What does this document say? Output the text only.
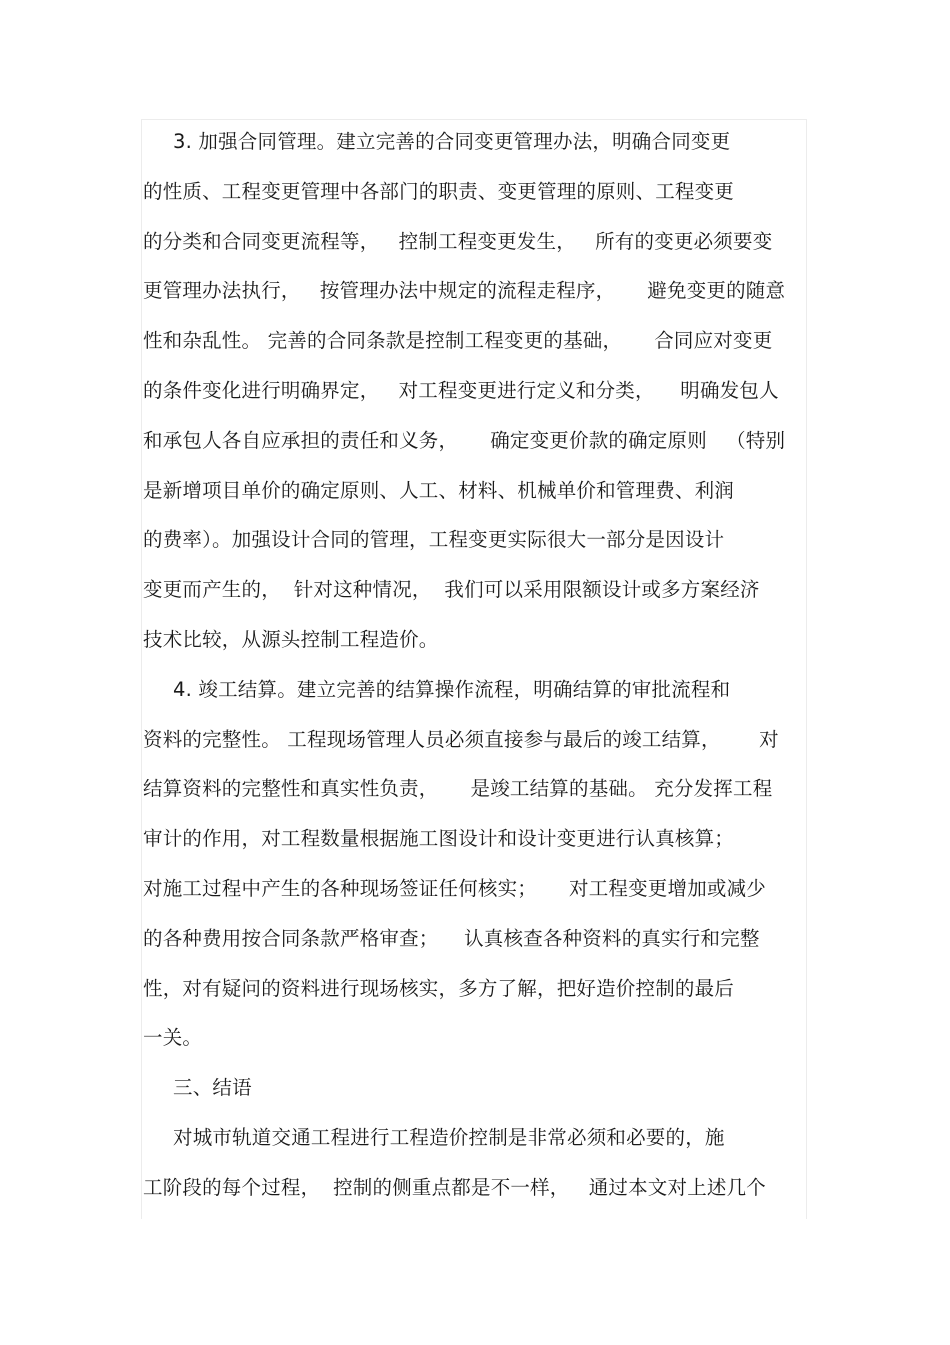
3. 加强合同管理。建立完善的合同变更管理办法，明确合同变更
的性质、工程变更管理中各部门的职责、变更管理的原则、工程变更
的分类和合同变更流程等，   控制工程变更发生，   所有的变更必须要变
更管理办法执行，   按管理办法中规定的流程走程序，     避免变更的随意
性和杂乱性。 完善的合同条款是控制工程变更的基础，     合同应对变更
的条件变化进行明确界定，   对工程变更进行定义和分类，    明确发包人
和承包人各自应承担的责任和义务，     确定变更价款的确定原则   （特别
是新增项目单价的确定原则、人工、材料、机械单价和管理费、利润
的费率）。加强设计合同的管理，工程变更实际很大一部分是因设计
变更而产生的，  针对这种情况，  我们可以采用限额设计或多方案经济
技术比较，从源头控制工程造价。
4. 竣工结算。建立完善的结算操作流程，明确结算的审批流程和
资料的完整性。 工程现场管理人员必须直接参与最后的竣工结算，      对
结算资料的完整性和真实性负责，     是竣工结算的基础。 充分发挥工程
审计的作用，对工程数量根据施工图设计和设计变更进行认真核算；
对施工过程中产生的各种现场签证任何核实；     对工程变更增加或减少
的各种费用按合同条款严格审查；    认真核查各种资料的真实行和完整
性，对有疑问的资料进行现场核实，多方了解，把好造价控制的最后
一关。
三、结语
对城市轨道交通工程进行工程造价控制是非常必须和必要的，施
工阶段的每个过程，  控制的侧重点都是不一样，   通过本文对上述几个
